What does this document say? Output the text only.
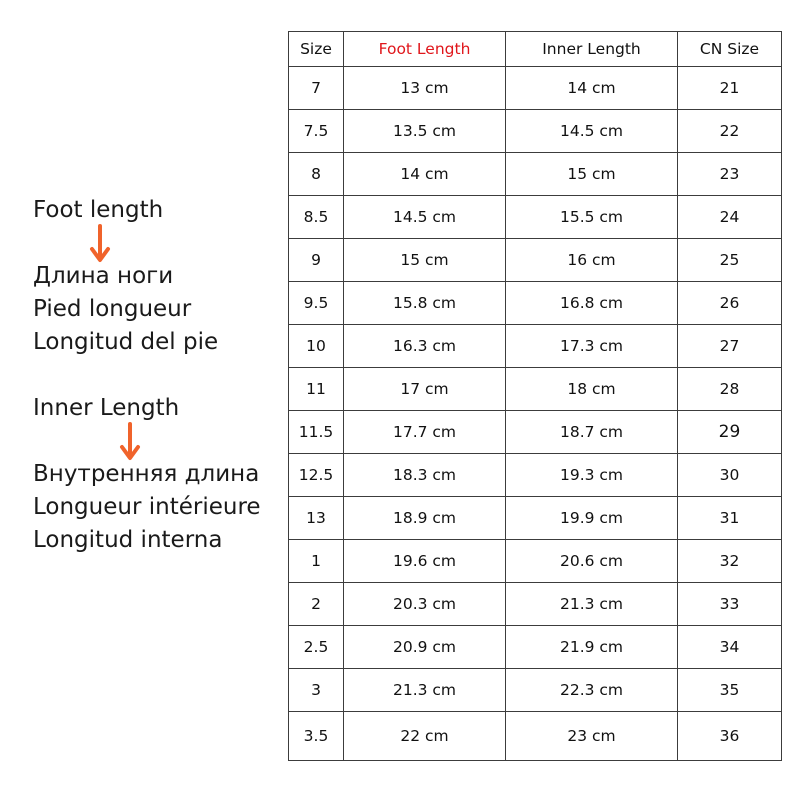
Foot length
Длина ноги
Pied longueur
Longitud del pie
Inner Length
Внутренняя длина
Longueur intérieure
Longitud interna
Size	Foot Length	Inner Length	CN Size
7	13 cm	14 cm	21
7.5	13.5 cm	14.5 cm	22
8	14 cm	15 cm	23
8.5	14.5 cm	15.5 cm	24
9	15 cm	16 cm	25
9.5	15.8 cm	16.8 cm	26
10	16.3 cm	17.3 cm	27
11	17 cm	18 cm	28
11.5	17.7 cm	18.7 cm	29
12.5	18.3 cm	19.3 cm	30
13	18.9 cm	19.9 cm	31
1	19.6 cm	20.6 cm	32
2	20.3 cm	21.3 cm	33
2.5	20.9 cm	21.9 cm	34
3	21.3 cm	22.3 cm	35
3.5	22 cm	23 cm	36
